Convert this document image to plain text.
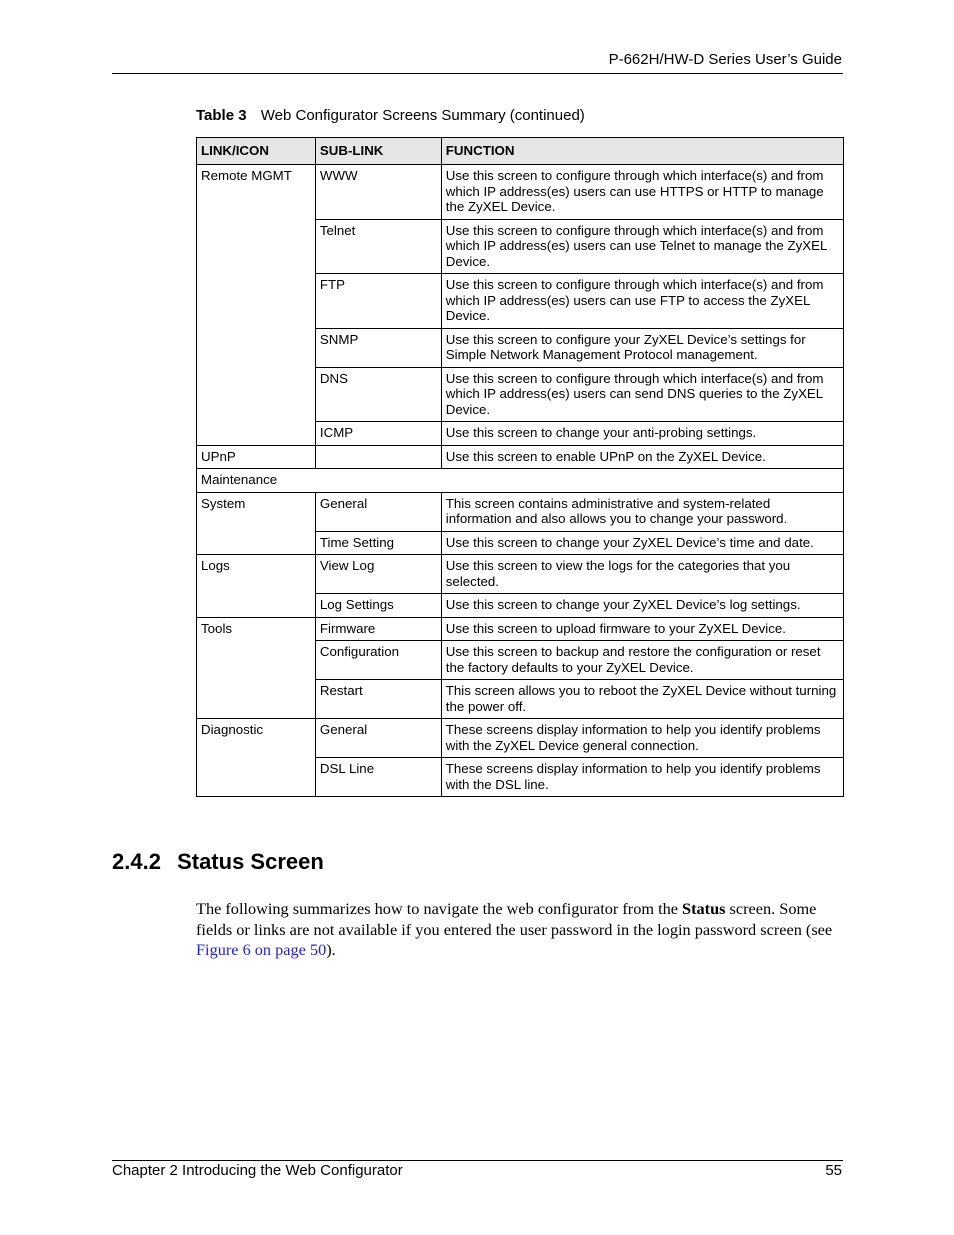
P-662H/HW-D Series User’s Guide
Table 3 Web Configurator Screens Summary (continued)
LINK/ICON	SUB-LINK	FUNCTION
Remote MGMT	WWW	Use this screen to configure through which interface(s) and from which IP address(es) users can use HTTPS or HTTP to manage the ZyXEL Device.
	Telnet	Use this screen to configure through which interface(s) and from which IP address(es) users can use Telnet to manage the ZyXEL Device.
	FTP	Use this screen to configure through which interface(s) and from which IP address(es) users can use FTP to access the ZyXEL Device.
	SNMP	Use this screen to configure your ZyXEL Device’s settings for Simple Network Management Protocol management.
	DNS	Use this screen to configure through which interface(s) and from which IP address(es) users can send DNS queries to the ZyXEL Device.
	ICMP	Use this screen to change your anti-probing settings.
UPnP		Use this screen to enable UPnP on the ZyXEL Device.
Maintenance		
System	General	This screen contains administrative and system-related information and also allows you to change your password.
	Time Setting	Use this screen to change your ZyXEL Device’s time and date.
Logs	View Log	Use this screen to view the logs for the categories that you selected.
	Log Settings	Use this screen to change your ZyXEL Device’s log settings.
Tools	Firmware	Use this screen to upload firmware to your ZyXEL Device.
	Configuration	Use this screen to backup and restore the configuration or reset the factory defaults to your ZyXEL Device.
	Restart	This screen allows you to reboot the ZyXEL Device without turning the power off.
Diagnostic	General	These screens display information to help you identify problems with the ZyXEL Device general connection.
	DSL Line	These screens display information to help you identify problems with the DSL line.
2.4.2 Status Screen

The following summarizes how to navigate the web configurator from the Status screen. Some fields or links are not available if you entered the user password in the login password screen (see Figure 6 on page 50).

Chapter 2 Introducing the Web Configurator	55
